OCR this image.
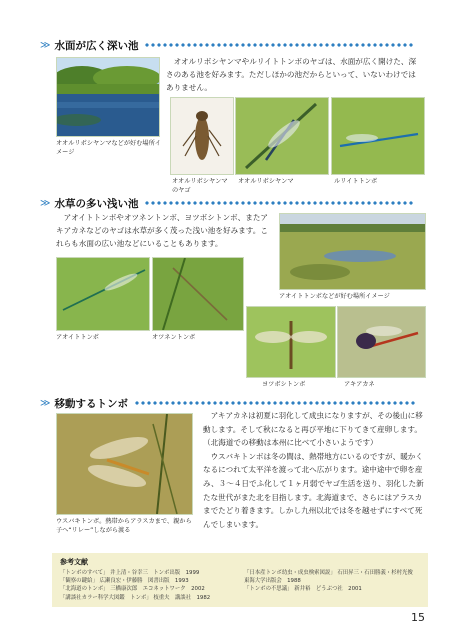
≫ 水面が広く深い池
　オオルリボシヤンマやルリイトトンボのヤゴは、水面が広く開けた、深さのある池を好みます。ただしほかの池だからといって、いないわけではありません。
オオルリボシヤンマなどが好む場所イメージ
オオルリボシヤンマのヤゴ
オオルリボシヤンマ	ルリイトトンボ
≫ 水草の多い浅い池
　アオイトトンボやオツネントンボ、ヨツボシトンボ、またアキアカネなどのヤゴは水草が多く茂った浅い池を好みます。これらも水面の広い池などにいることもあります。
アオイトトンボなどが好む場所イメージ
アオイトトンボ	オツネントンボ
ヨツボシトンボ	アキアカネ
≫ 移動するトンボ
ウスバキトンボ。熱帯からアラスカまで、親から子へ“リレー”しながら渡る
　アキアカネは初夏に羽化して成虫になりますが、その後山に移動します。そして秋になると再び平地に下りてきて産卵します。（北海道での移動は本州に比べて小さいようです）
　ウスバキトンボは冬の間は、熱帯地方にいるのですが、暖かくなるにつれて太平洋を渡って北へ広がります。途中途中で卵を産み、３〜４日でふ化して１ヶ月弱でヤゴ生活を送り、羽化した新たな世代がまた北を目指します。北海道まで、さらにはアラスカまでたどり着きます。しかし九州以北では冬を越せずにすべて死んでしまいます。
参考文献
「トンボのすべて」 井上清・谷幸三　トンボ出版　1999
「観察の鍵給」 広瀬良宏・伊藤勝　図書出版　1993
「北海道のトンボ」 三橋康次郎　エコネットワーク　2002
「講談社カラー科学大図鑑　トンボ」 枝重夫　講談社　1982
「日本産トンボ幼虫・成虫検索図説」 石田昇三・石田勝義・杉村光俊
東海大学出版会　1988
「トンボの不思議」 新井裕　どうぶつ社　2001
15
